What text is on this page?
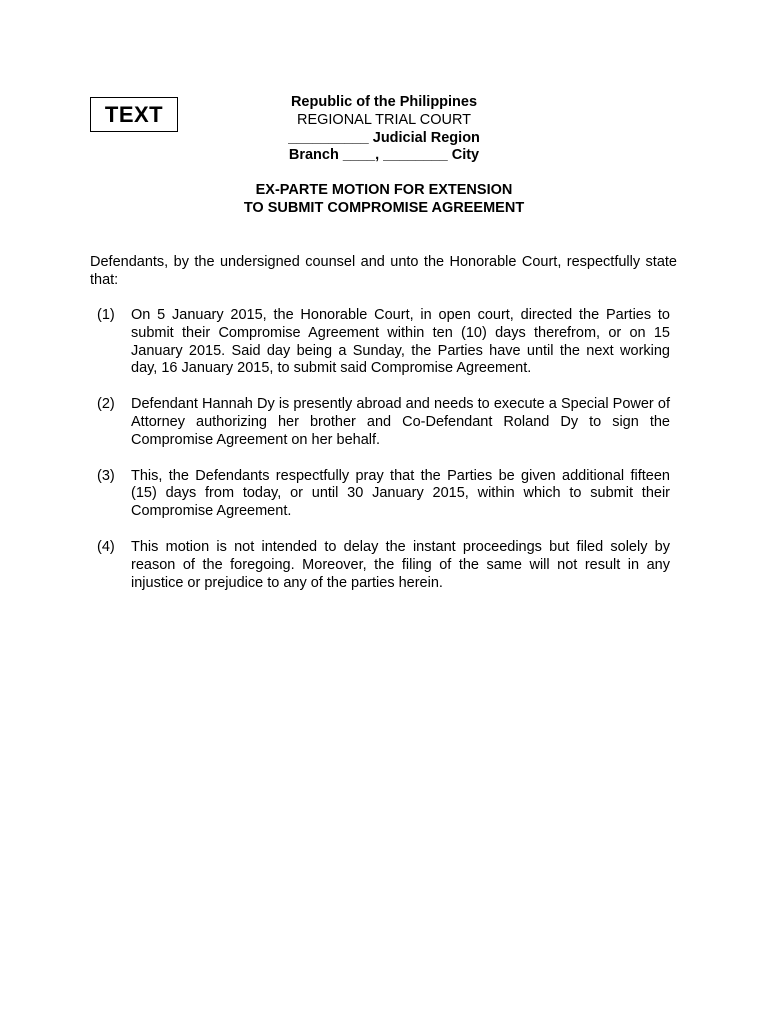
TEXT	Republic of the Philippines
REGIONAL TRIAL COURT
__________ Judicial Region
Branch ____, ________ City
EX-PARTE MOTION FOR EXTENSION
TO SUBMIT COMPROMISE AGREEMENT
Defendants, by the undersigned counsel and unto the Honorable Court, respectfully state that:
(1) On 5 January 2015, the Honorable Court, in open court, directed the Parties to submit their Compromise Agreement within ten (10) days therefrom, or on 15 January 2015. Said day being a Sunday, the Parties have until the next working day, 16 January 2015, to submit said Compromise Agreement.
(2) Defendant Hannah Dy is presently abroad and needs to execute a Special Power of Attorney authorizing her brother and Co-Defendant Roland Dy to sign the Compromise Agreement on her behalf.
(3) This, the Defendants respectfully pray that the Parties be given additional fifteen (15) days from today, or until 30 January 2015, within which to submit their Compromise Agreement.
(4) This motion is not intended to delay the instant proceedings but filed solely by reason of the foregoing. Moreover, the filing of the same will not result in any injustice or prejudice to any of the parties herein.
